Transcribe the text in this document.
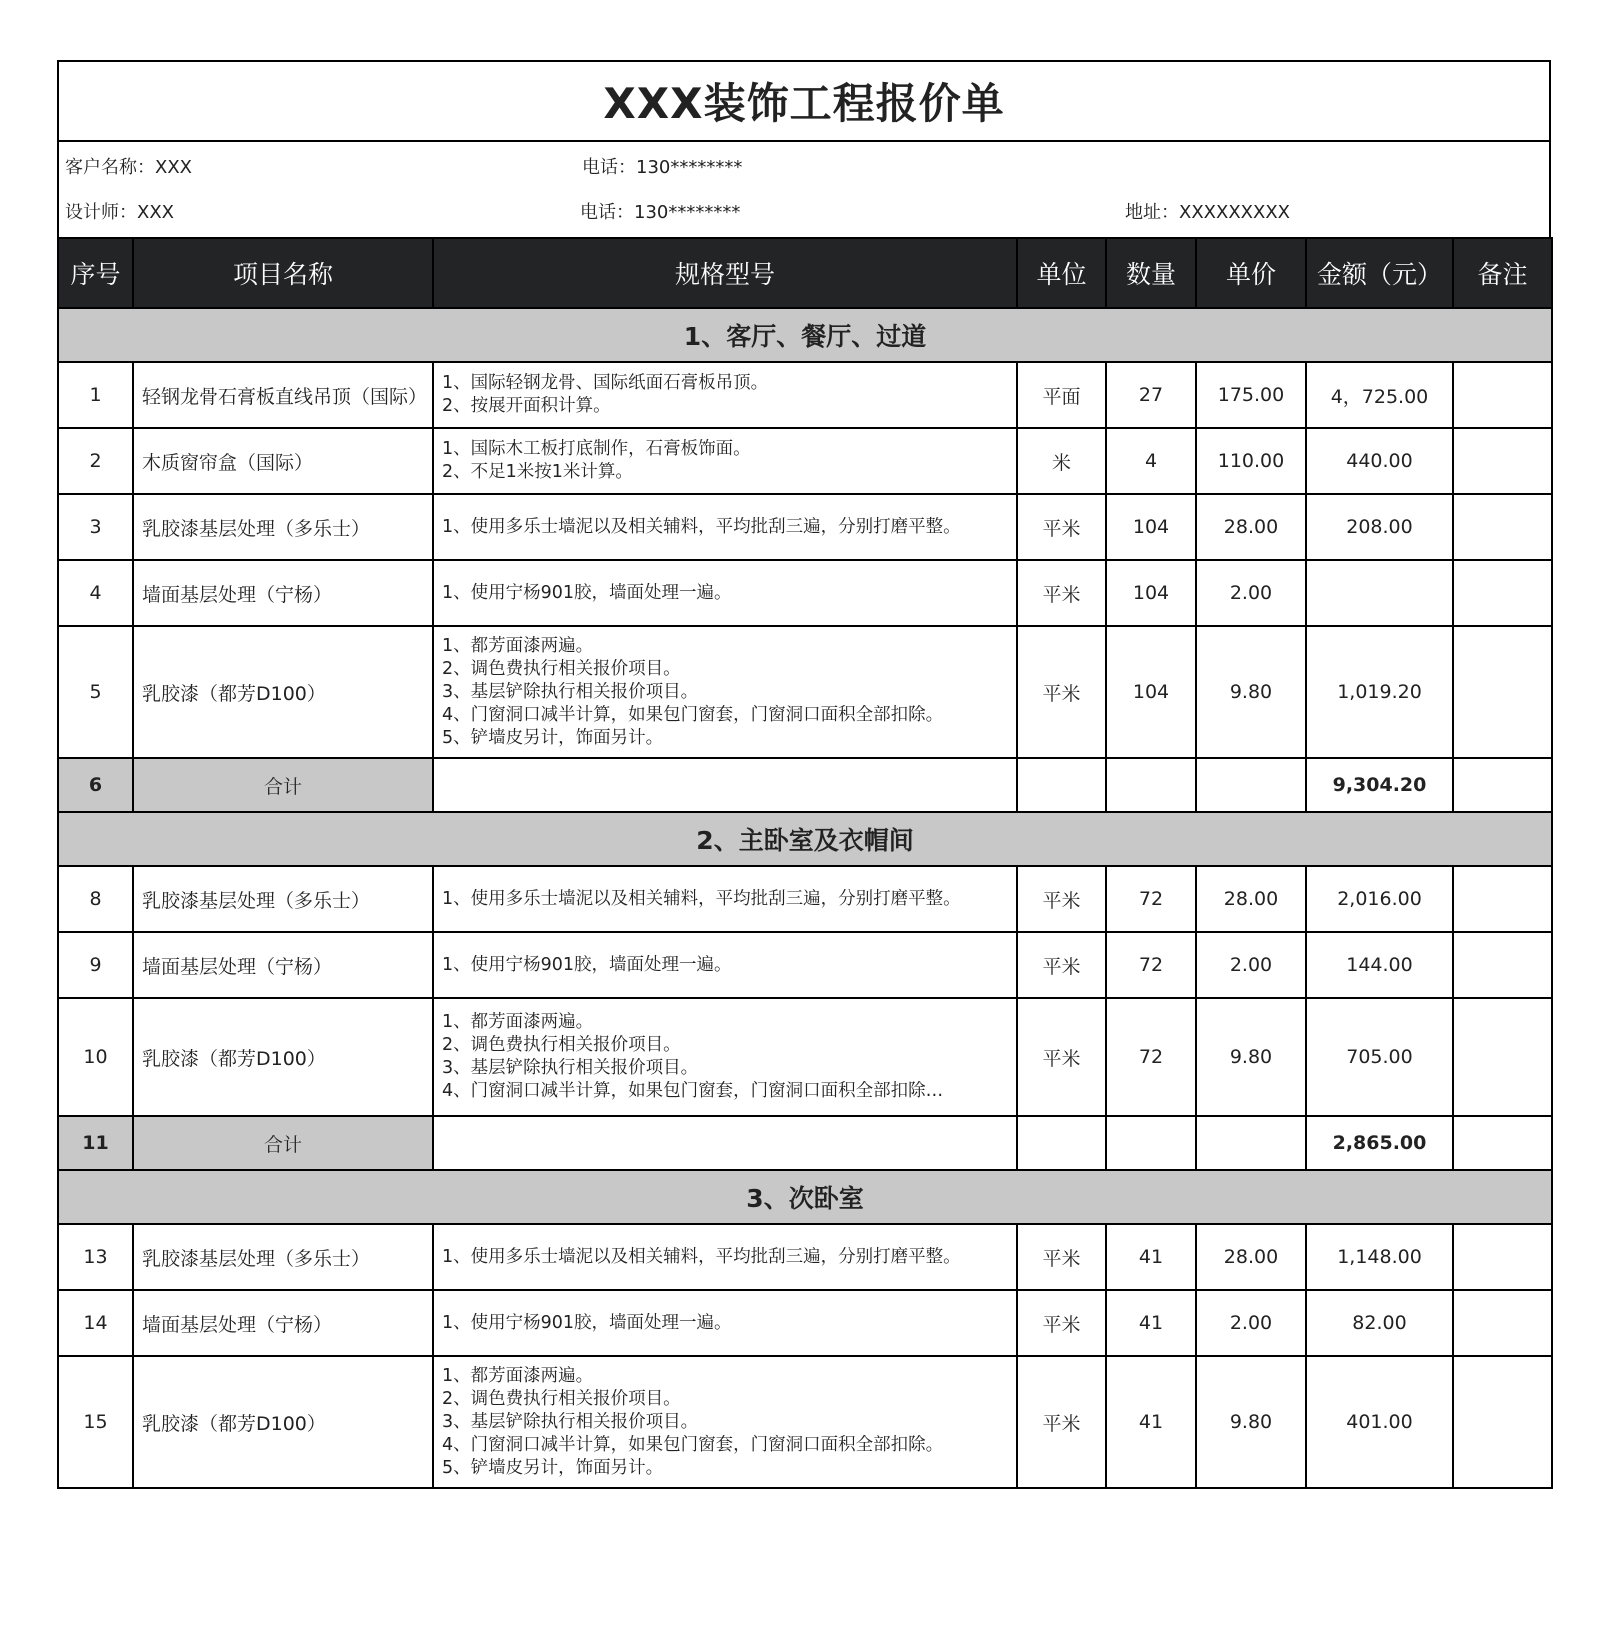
XXX装饰工程报价单
客户名称：XXX	电话：130********
设计师：XXX	电话：130********	地址：XXXXXXXXX
序号	项目名称	规格型号	单位	数量	单价	金额（元）	备注
1、客厅、餐厅、过道							
1	轻钢龙骨石膏板直线吊顶（国际）	1、国际轻钢龙骨、国际纸面石膏板吊顶。
2、按展开面积计算。	平面	27	175.00	4，725.00	
2	木质窗帘盒（国际）	1、国际木工板打底制作，石膏板饰面。
2、不足1米按1米计算。	米	4	110.00	440.00	
3	乳胶漆基层处理（多乐士）	1、使用多乐士墙泥以及相关辅料，平均批刮三遍，分别打磨平整。	平米	104	28.00	208.00	
4	墙面基层处理（宁杨）	1、使用宁杨901胶，墙面处理一遍。	平米	104	2.00		
5	乳胶漆（都芳D100）	1、都芳面漆两遍。
2、调色费执行相关报价项目。
3、基层铲除执行相关报价项目。
4、门窗洞口减半计算，如果包门窗套，门窗洞口面积全部扣除。
5、铲墙皮另计，饰面另计。	平米	104	9.80	1,019.20	
6	合计					9,304.20	
2、主卧室及衣帽间							
8	乳胶漆基层处理（多乐士）	1、使用多乐士墙泥以及相关辅料，平均批刮三遍，分别打磨平整。	平米	72	28.00	2,016.00	
9	墙面基层处理（宁杨）	1、使用宁杨901胶，墙面处理一遍。	平米	72	2.00	144.00	
10	乳胶漆（都芳D100）	1、都芳面漆两遍。
2、调色费执行相关报价项目。
3、基层铲除执行相关报价项目。
4、门窗洞口减半计算，如果包门窗套，门窗洞口面积全部扣除…	平米	72	9.80	705.00	
11	合计					2,865.00	
3、次卧室							
13	乳胶漆基层处理（多乐士）	1、使用多乐士墙泥以及相关辅料，平均批刮三遍，分别打磨平整。	平米	41	28.00	1,148.00	
14	墙面基层处理（宁杨）	1、使用宁杨901胶，墙面处理一遍。	平米	41	2.00	82.00	
15	乳胶漆（都芳D100）	1、都芳面漆两遍。
2、调色费执行相关报价项目。
3、基层铲除执行相关报价项目。
4、门窗洞口减半计算，如果包门窗套，门窗洞口面积全部扣除。
5、铲墙皮另计，饰面另计。	平米	41	9.80	401.00	
